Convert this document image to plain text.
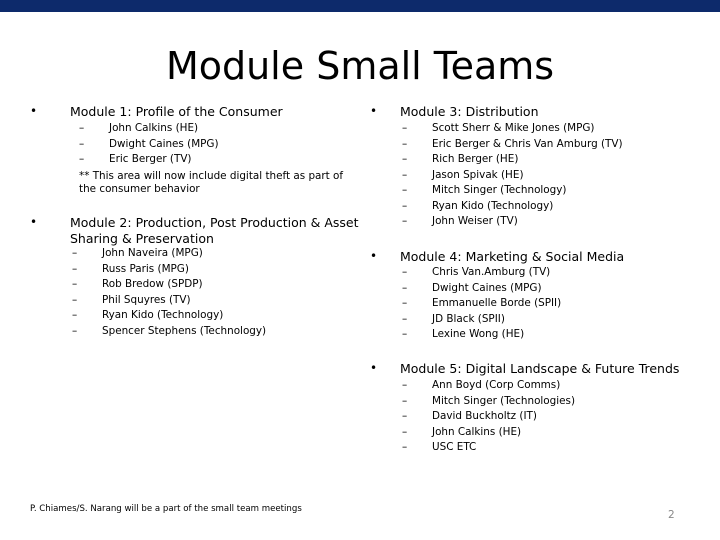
Module Small Teams
•	Module 1: Profile of the Consumer
– John Calkins (HE)
– Dwight Caines (MPG)
– Eric Berger (TV)
** This area will now include digital theft as part of the consumer behavior
•	Module 2: Production, Post Production & Asset Sharing & Preservation
– John Naveira (MPG)
– Russ Paris (MPG)
– Rob Bredow (SPDP)
– Phil Squyres (TV)
– Ryan Kido (Technology)
– Spencer Stephens (Technology)
• Module 3: Distribution
– Scott Sherr & Mike Jones (MPG)
– Eric Berger & Chris Van Amburg (TV)
– Rich Berger (HE)
– Jason Spivak (HE)
– Mitch Singer (Technology)
– Ryan Kido (Technology)
– John Weiser (TV)
• Module 4: Marketing & Social Media
– Chris Van.Amburg (TV)
– Dwight Caines (MPG)
– Emmanuelle Borde (SPII)
– JD Black (SPII)
– Lexine Wong (HE)
• Module 5: Digital Landscape & Future Trends
– Ann Boyd (Corp Comms)
– Mitch Singer (Technologies)
– David Buckholtz (IT)
– John Calkins (HE)
– USC ETC
P. Chiames/S. Narang will be a part of the small team meetings	2
